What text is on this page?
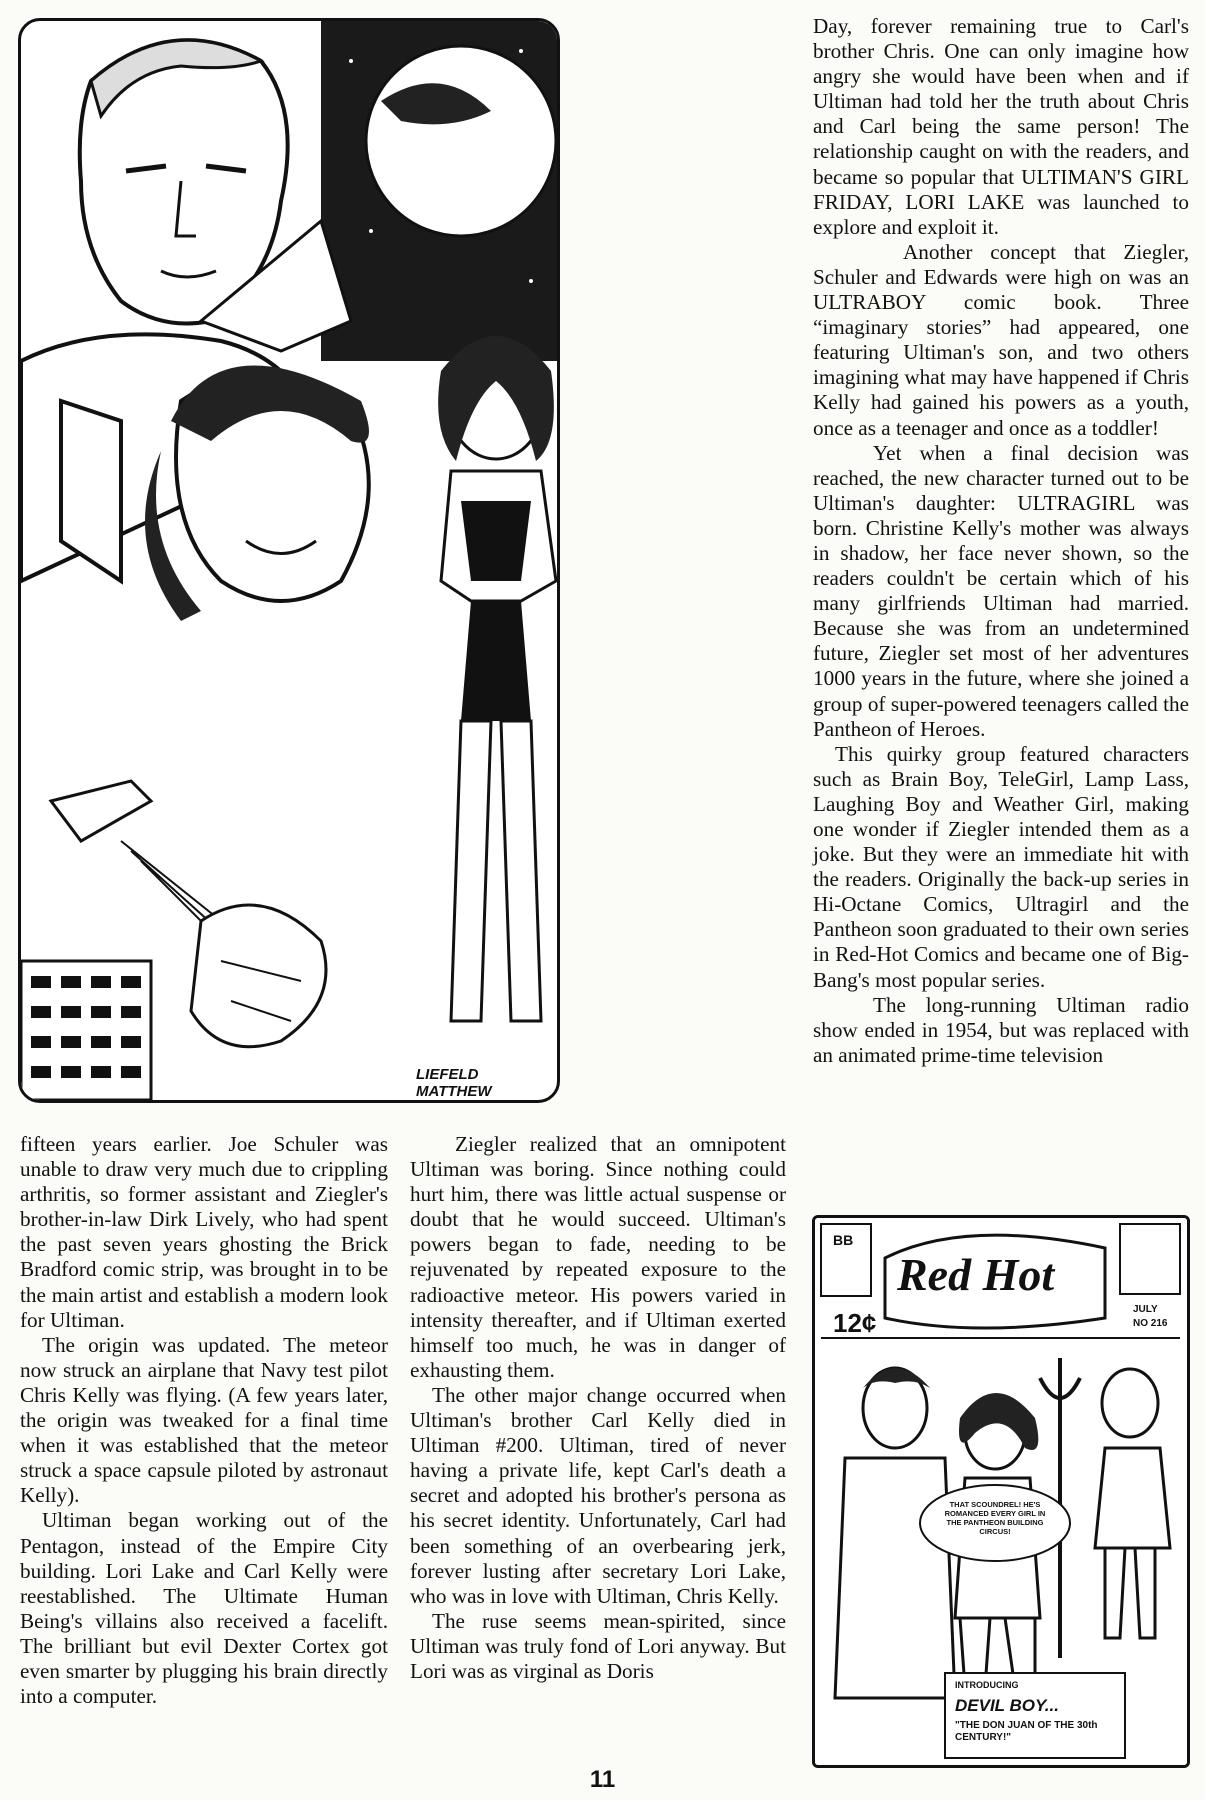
LIEFELD MATTHEW

Day, forever remaining true to Carl's brother Chris. One can only imagine how angry she would have been when and if Ultiman had told her the truth about Chris and Carl being the same person! The relationship caught on with the readers, and became so popular that ULTIMAN'S GIRL FRIDAY, LORI LAKE was launched to explore and exploit it.

Another concept that Ziegler, Schuler and Edwards were high on was an ULTRABOY comic book. Three “imaginary stories” had appeared, one featuring Ultiman's son, and two others imagining what may have happened if Chris Kelly had gained his powers as a youth, once as a teenager and once as a toddler!

Yet when a final decision was reached, the new character turned out to be Ultiman's daughter: ULTRAGIRL was born. Christine Kelly's mother was always in shadow, her face never shown, so the readers couldn't be certain which of his many girlfriends Ultiman had married. Because she was from an undetermined future, Ziegler set most of her adventures 1000 years in the future, where she joined a group of super-powered teenagers called the Pantheon of Heroes.

This quirky group featured characters such as Brain Boy, TeleGirl, Lamp Lass, Laughing Boy and Weather Girl, making one wonder if Ziegler intended them as a joke. But they were an immediate hit with the readers. Originally the back-up series in Hi-Octane Comics, Ultragirl and the Pantheon soon graduated to their own series in Red-Hot Comics and became one of Big-Bang's most popular series.

The long-running Ultiman radio show ended in 1954, but was replaced with an animated prime-time television

fifteen years earlier. Joe Schuler was unable to draw very much due to crippling arthritis, so former assistant and Ziegler's brother-in-law Dirk Lively, who had spent the past seven years ghosting the Brick Bradford comic strip, was brought in to be the main artist and establish a modern look for Ultiman.

The origin was updated. The meteor now struck an airplane that Navy test pilot Chris Kelly was flying. (A few years later, the origin was tweaked for a final time when it was established that the meteor struck a space capsule piloted by astronaut Kelly).

Ultiman began working out of the Pentagon, instead of the Empire City building. Lori Lake and Carl Kelly were reestablished. The Ultimate Human Being's villains also received a facelift. The brilliant but evil Dexter Cortex got even smarter by plugging his brain directly into a computer.

Ziegler realized that an omnipotent Ultiman was boring. Since nothing could hurt him, there was little actual suspense or doubt that he would succeed. Ultiman's powers began to fade, needing to be rejuvenated by repeated exposure to the radioactive meteor. His powers varied in intensity thereafter, and if Ultiman exerted himself too much, he was in danger of exhausting them.

The other major change occurred when Ultiman's brother Carl Kelly died in Ultiman #200. Ultiman, tired of never having a private life, kept Carl's death a secret and adopted his brother's persona as his secret identity. Unfortunately, Carl had been something of an overbearing jerk, forever lusting after secretary Lori Lake, who was in love with Ultiman, Chris Kelly.

The ruse seems mean-spirited, since Ultiman was truly fond of Lori anyway. But Lori was as virginal as Doris

Red Hot
12¢
BB
JULY
NO 216
THAT SCOUNDREL! HE'S ROMANCED EVERY GIRL IN THE PANTHEON BUILDING CIRCUS!
INTRODUCING
DEVIL BOY...
"THE DON JUAN OF THE 30th CENTURY!"
11
